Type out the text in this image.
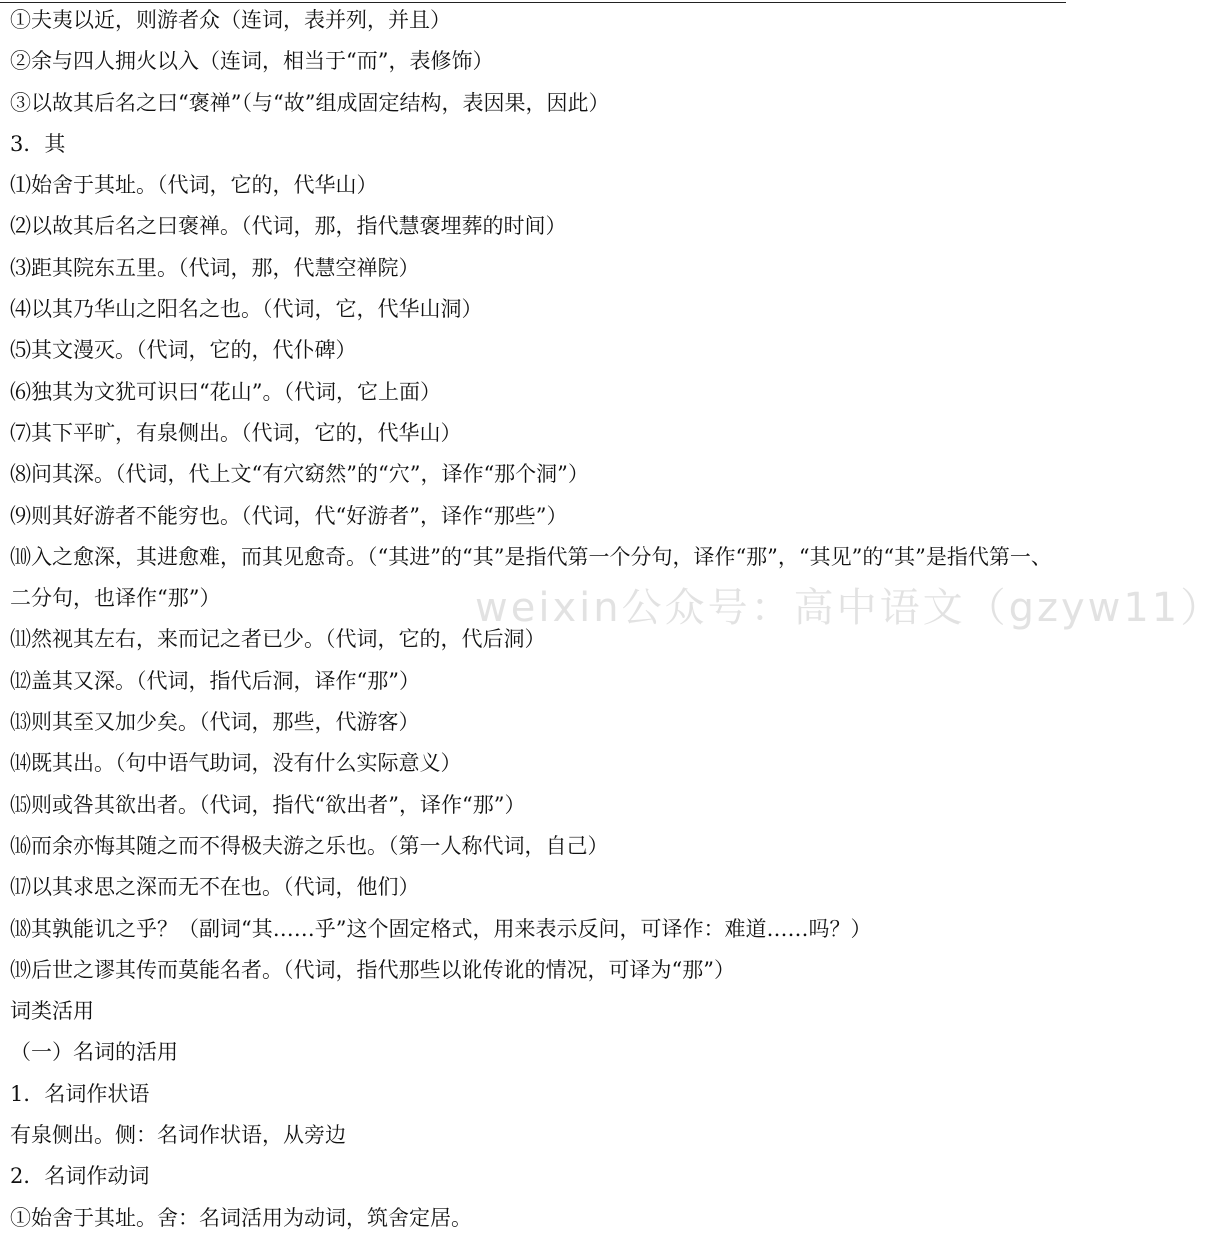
①夫夷以近，则游者众（连词，表并列，并且）
②余与四人拥火以入（连词，相当于“而”，表修饰）
③以故其后名之曰“褒禅”（与“故”组成固定结构，表因果，因此）
3．其
⑴始舍于其址。（代词，它的，代华山）
⑵以故其后名之曰褒禅。（代词，那，指代慧褒埋葬的时间）
⑶距其院东五里。（代词，那，代慧空禅院）
⑷以其乃华山之阳名之也。（代词，它，代华山洞）
⑸其文漫灭。（代词，它的，代仆碑）
⑹独其为文犹可识曰“花山”。（代词，它上面）
⑺其下平旷，有泉侧出。（代词，它的，代华山）
⑻问其深。（代词，代上文“有穴窈然”的“穴”，译作“那个洞”）
⑼则其好游者不能穷也。（代词，代“好游者”，译作“那些”）
⑽入之愈深，其进愈难，而其见愈奇。（“其进”的“其”是指代第一个分句，译作“那”，“其见”的“其”是指代第一、二分句，也译作“那”）
⑾然视其左右，来而记之者已少。（代词，它的，代后洞）
⑿盖其又深。（代词，指代后洞，译作“那”）
⒀则其至又加少矣。（代词，那些，代游客）
⒁既其出。（句中语气助词，没有什么实际意义）
⒂则或咎其欲出者。（代词，指代“欲出者”，译作“那”）
⒃而余亦悔其随之而不得极夫游之乐也。（第一人称代词，自己）
⒄以其求思之深而无不在也。（代词，他们）
⒅其孰能讥之乎？（副词“其……乎”这个固定格式，用来表示反问，可译作：难道……吗？）
⒆后世之谬其传而莫能名者。（代词，指代那些以讹传讹的情况，可译为“那”）
词类活用
（一）名词的活用
1．名词作状语
有泉侧出。侧：名词作状语，从旁边
2．名词作动词
①始舍于其址。舍：名词活用为动词，筑舍定居。
weixin公众号：高中语文（gzyw11）
